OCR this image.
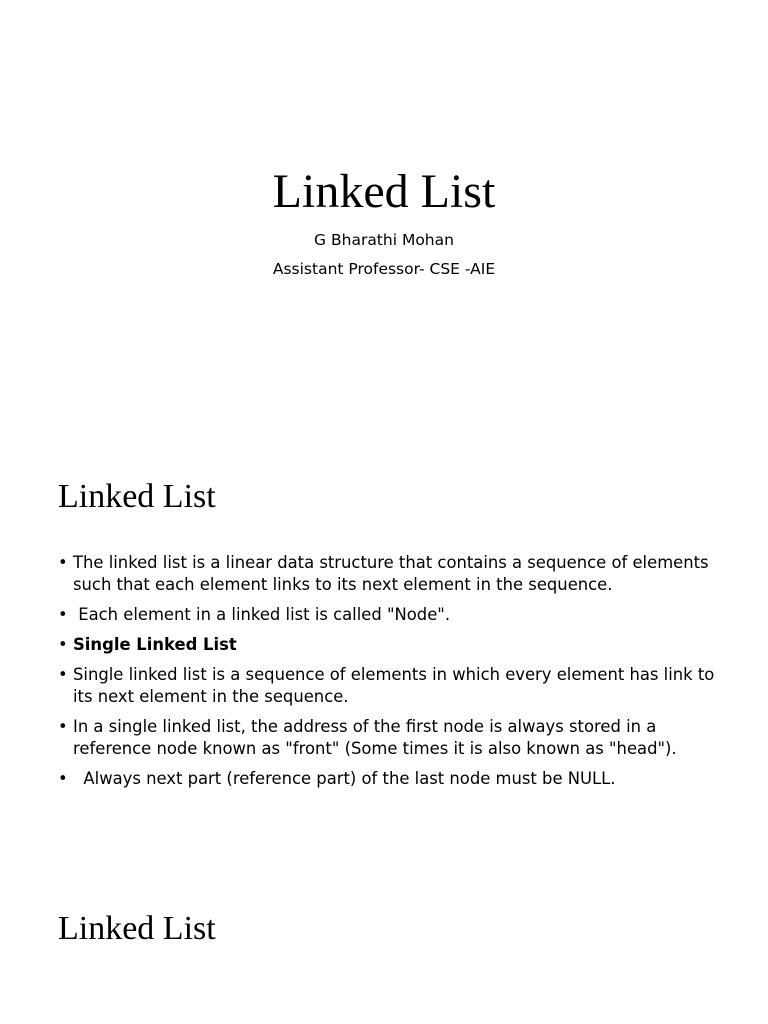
Linked List

G Bharathi Mohan

Assistant Professor- CSE -AIE

Linked List
• The linked list is a linear data structure that contains a sequence of elements such that each element links to its next element in the sequence.
• Each element in a linked list is called "Node".
• Single Linked List
• Single linked list is a sequence of elements in which every element has link to its next element in the sequence.
• In a single linked list, the address of the first node is always stored in a reference node known as "front" (Some times it is also known as "head").
• Always next part (reference part) of the last node must be NULL.
Linked List
